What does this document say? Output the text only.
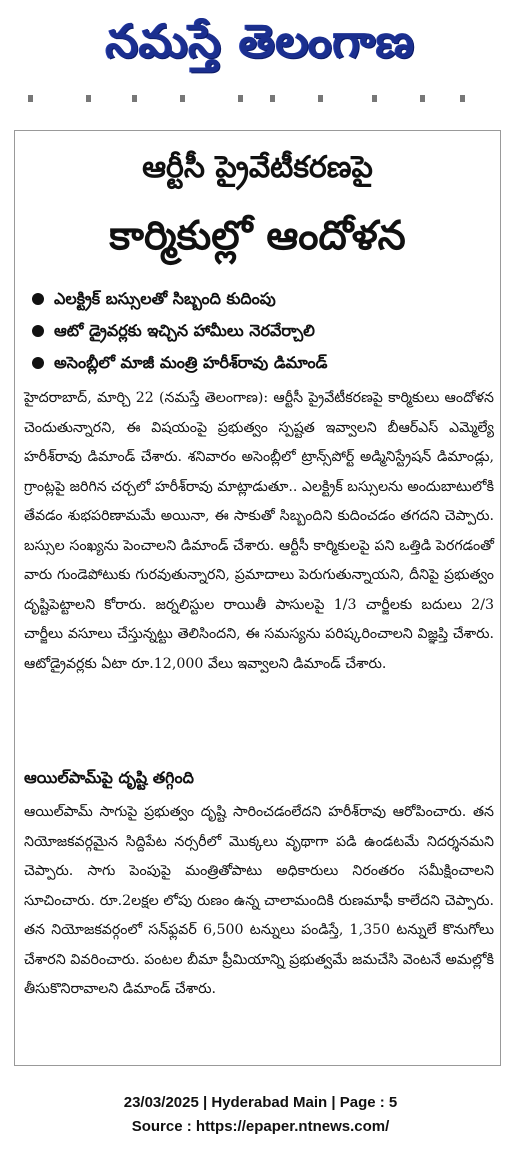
నమస్తే తెలంగాణ
ఆర్టీసీ ప్రైవేటీకరణపై
కార్మికుల్లో ఆందోళన
ఎలక్ట్రిక్ బస్సులతో సిబ్బంది కుదింపు
ఆటో డ్రైవర్లకు ఇచ్చిన హామీలు నెరవేర్చాలి
అసెంబ్లీలో మాజీ మంత్రి హరీశ్‌రావు డిమాండ్

హైదరాబాద్, మార్చి 22 (నమస్తే తెలంగాణ): ఆర్టీసీ ప్రైవేటీకరణపై కార్మికులు ఆందోళన చెందుతున్నారని, ఈ విషయంపై ప్రభుత్వం స్పష్టత ఇవ్వాలని బీఆర్‌ఎస్ ఎమ్మెల్యే హరీశ్‌రావు డిమాండ్ చేశారు. శనివారం అసెంబ్లీలో ట్రాన్స్‌పోర్ట్ అడ్మినిస్ట్రేషన్ డిమాండ్లు, గ్రాంట్లపై జరిగిన చర్చలో హరీశ్‌రావు మాట్లాడుతూ.. ఎలక్ట్రిక్ బస్సులను అందుబాటులోకి తేవడం శుభపరిణామమే అయినా, ఈ సాకుతో సిబ్బందిని కుదించడం తగదని చెప్పారు. బస్సుల సంఖ్యను పెంచాలని డిమాండ్ చేశారు. ఆర్టీసీ కార్మికులపై పని ఒత్తిడి పెరగడంతో వారు గుండెపోటుకు గురవుతున్నారని, ప్రమాదాలు పెరుగుతున్నాయని, దీనిపై ప్రభుత్వం దృష్టిపెట్టాలని కోరారు. జర్నలిస్టుల రాయితీ పాసులపై 1/3 చార్జీలకు బదులు 2/3 చార్జీలు వసూలు చేస్తున్నట్టు తెలిసిందని, ఈ సమస్యను పరిష్కరించాలని విజ్ఞప్తి చేశారు. ఆటోడ్రైవర్లకు ఏటా రూ.12,000 వేలు ఇవ్వాలని డిమాండ్ చేశారు.

ఆయిల్‌పామ్‌పై దృష్టి తగ్గింది

ఆయిల్‌పామ్ సాగుపై ప్రభుత్వం దృష్టి సారించడంలేదని హరీశ్‌రావు ఆరోపించారు. తన నియోజకవర్గమైన సిద్దిపేట నర్సరీలో మొక్కలు వృథాగా పడి ఉండటమే నిదర్శనమని చెప్పారు. సాగు పెంపుపై మంత్రితోపాటు అధికారులు నిరంతరం సమీక్షించాలని సూచించారు. రూ.2లక్షల లోపు రుణం ఉన్న చాలామందికి రుణమాఫీ కాలేదని చెప్పారు. తన నియోజకవర్గంలో సన్‌ఫ్లవర్ 6,500 టన్నులు పండిస్తే, 1,350 టన్నులే కొనుగోలు చేశారని వివరించారు. పంటల బీమా ప్రీమియాన్ని ప్రభుత్వమే జమచేసి వెంటనే అమల్లోకి తీసుకొనిరావాలని డిమాండ్ చేశారు.

23/03/2025 | Hyderabad Main | Page : 5
Source : https://epaper.ntnews.com/
